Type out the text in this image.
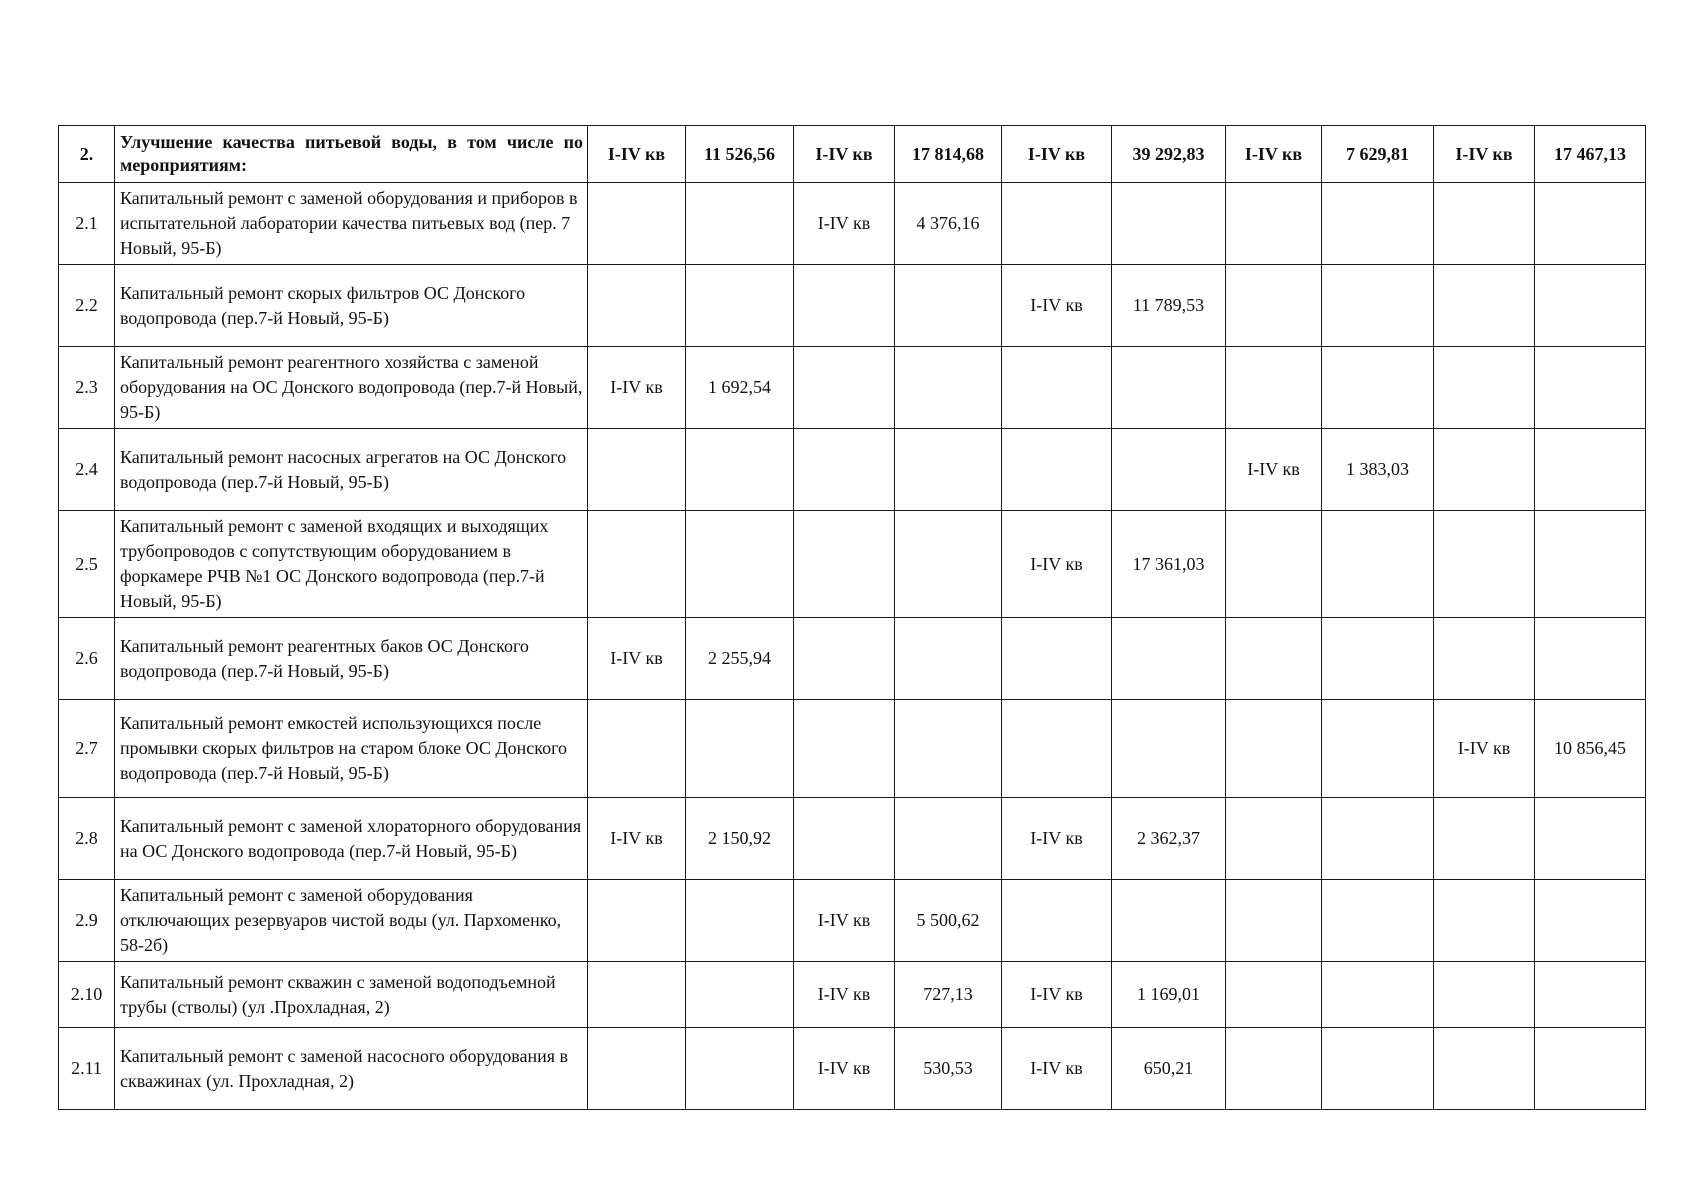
2.	Улучшение качества питьевой воды, в том числе по мероприятиям:	I-IV кв	11 526,56	I-IV кв	17 814,68	I-IV кв	39 292,83	I-IV кв	7 629,81	I-IV кв	17 467,13
2.1	Капитальный ремонт с заменой оборудования и приборов в испытательной лаборатории качества питьевых вод (пер. 7 Новый, 95-Б)			I-IV кв	4 376,16						
2.2	Капитальный ремонт скорых фильтров ОС Донского водопровода (пер.7-й Новый, 95-Б)					I-IV кв	11 789,53				
2.3	Капитальный ремонт реагентного хозяйства с заменой оборудования на ОС Донского водопровода (пер.7-й Новый, 95-Б)	I-IV кв	1 692,54								
2.4	Капитальный ремонт насосных агрегатов на ОС Донского водопровода (пер.7-й Новый, 95-Б)							I-IV кв	1 383,03		
2.5	Капитальный ремонт с заменой входящих и выходящих трубопроводов с сопутствующим оборудованием в форкамере РЧВ №1 ОС Донского водопровода (пер.7-й Новый, 95-Б)					I-IV кв	17 361,03				
2.6	Капитальный ремонт реагентных баков ОС Донского водопровода (пер.7-й Новый, 95-Б)	I-IV кв	2 255,94								
2.7	Капитальный ремонт емкостей использующихся после промывки скорых фильтров на старом блоке ОС Донского водопровода (пер.7-й Новый, 95-Б)									I-IV кв	10 856,45
2.8	Капитальный ремонт с заменой хлораторного оборудования на ОС Донского водопровода (пер.7-й Новый, 95-Б)	I-IV кв	2 150,92			I-IV кв	2 362,37				
2.9	Капитальный ремонт с заменой оборудования отключающих резервуаров чистой воды (ул. Пархоменко, 58-2б)			I-IV кв	5 500,62						
2.10	Капитальный ремонт скважин с заменой водоподъемной трубы (стволы) (ул .Прохладная, 2)			I-IV кв	727,13	I-IV кв	1 169,01				
2.11	Капитальный ремонт с заменой насосного оборудования в скважинах (ул. Прохладная, 2)			I-IV кв	530,53	I-IV кв	650,21				
